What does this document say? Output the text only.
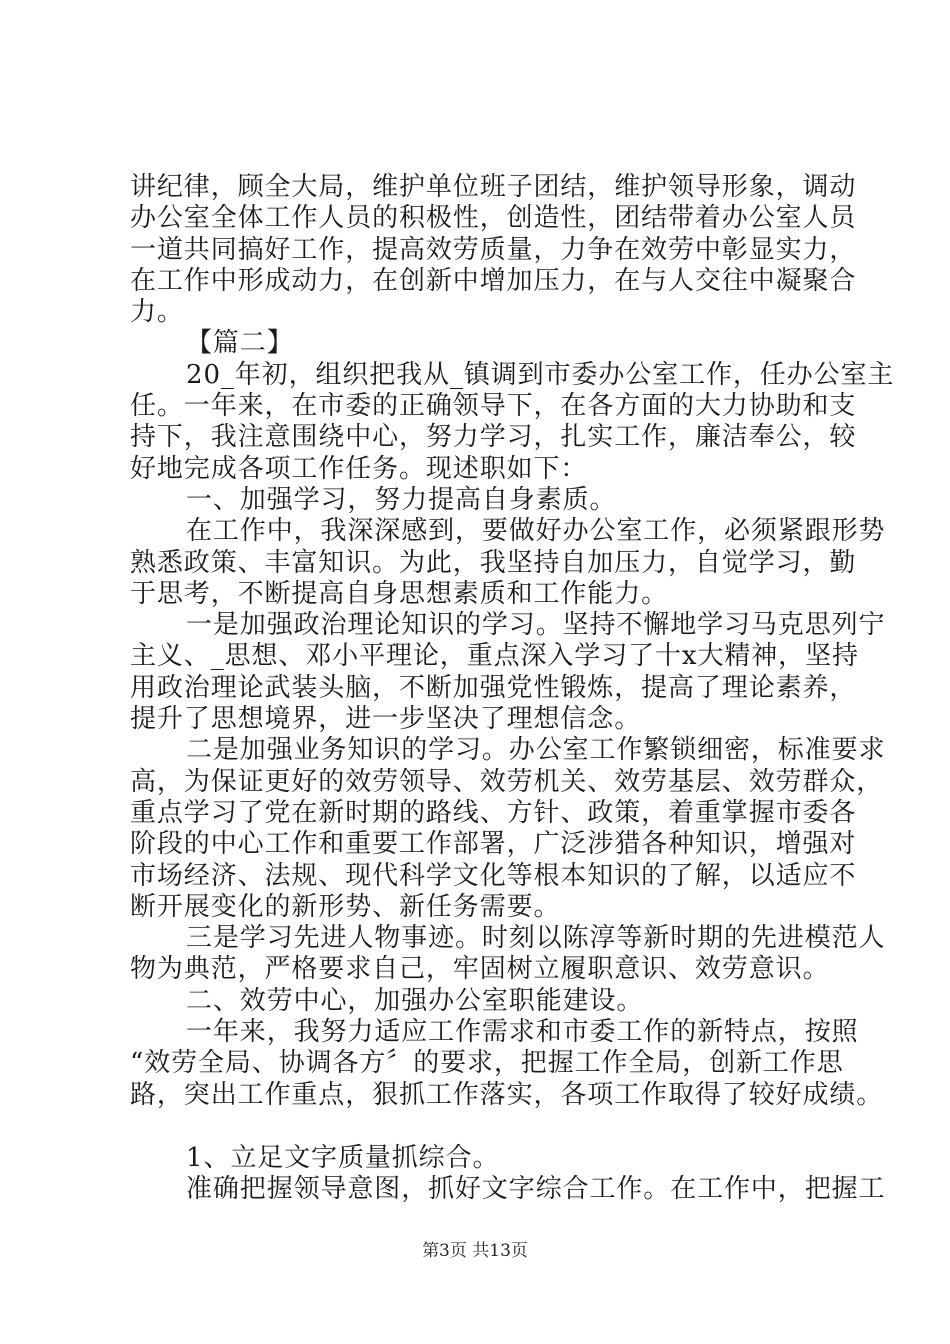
讲纪律，顾全大局，维护单位班子团结，维护领导形象，调动
办公室全体工作人员的积极性，创造性，团结带着办公室人员
一道共同搞好工作，提高效劳质量，力争在效劳中彰显实力，
在工作中形成动力，在创新中增加压力，在与人交往中凝聚合
力。
【篇二】
20_年初，组织把我从_镇调到市委办公室工作，任办公室主
任。一年来，在市委的正确领导下，在各方面的大力协助和支
持下，我注意围绕中心，努力学习，扎实工作，廉洁奉公，较
好地完成各项工作任务。现述职如下：
一、加强学习，努力提高自身素质。
在工作中，我深深感到，要做好办公室工作，必须紧跟形势
熟悉政策、丰富知识。为此，我坚持自加压力，自觉学习，勤
于思考，不断提高自身思想素质和工作能力。
一是加强政治理论知识的学习。坚持不懈地学习马克思列宁
主义、_思想、邓小平理论，重点深入学习了十x大精神，坚持
用政治理论武装头脑，不断加强党性锻炼，提高了理论素养，
提升了思想境界，进一步坚决了理想信念。
二是加强业务知识的学习。办公室工作繁锁细密，标准要求
高，为保证更好的效劳领导、效劳机关、效劳基层、效劳群众，
重点学习了党在新时期的路线、方针、政策，着重掌握市委各
阶段的中心工作和重要工作部署，广泛涉猎各种知识，增强对
市场经济、法规、现代科学文化等根本知识的了解，以适应不
断开展变化的新形势、新任务需要。
三是学习先进人物事迹。时刻以陈淳等新时期的先进模范人
物为典范，严格要求自己，牢固树立履职意识、效劳意识。
二、效劳中心，加强办公室职能建设。
一年来，我努力适应工作需求和市委工作的新特点，按照
“效劳全局、协调各方〞的要求，把握工作全局，创新工作思
路，突出工作重点，狠抓工作落实，各项工作取得了较好成绩。
1、立足文字质量抓综合。
准确把握领导意图，抓好文字综合工作。在工作中，把握工
第3页 共13页
